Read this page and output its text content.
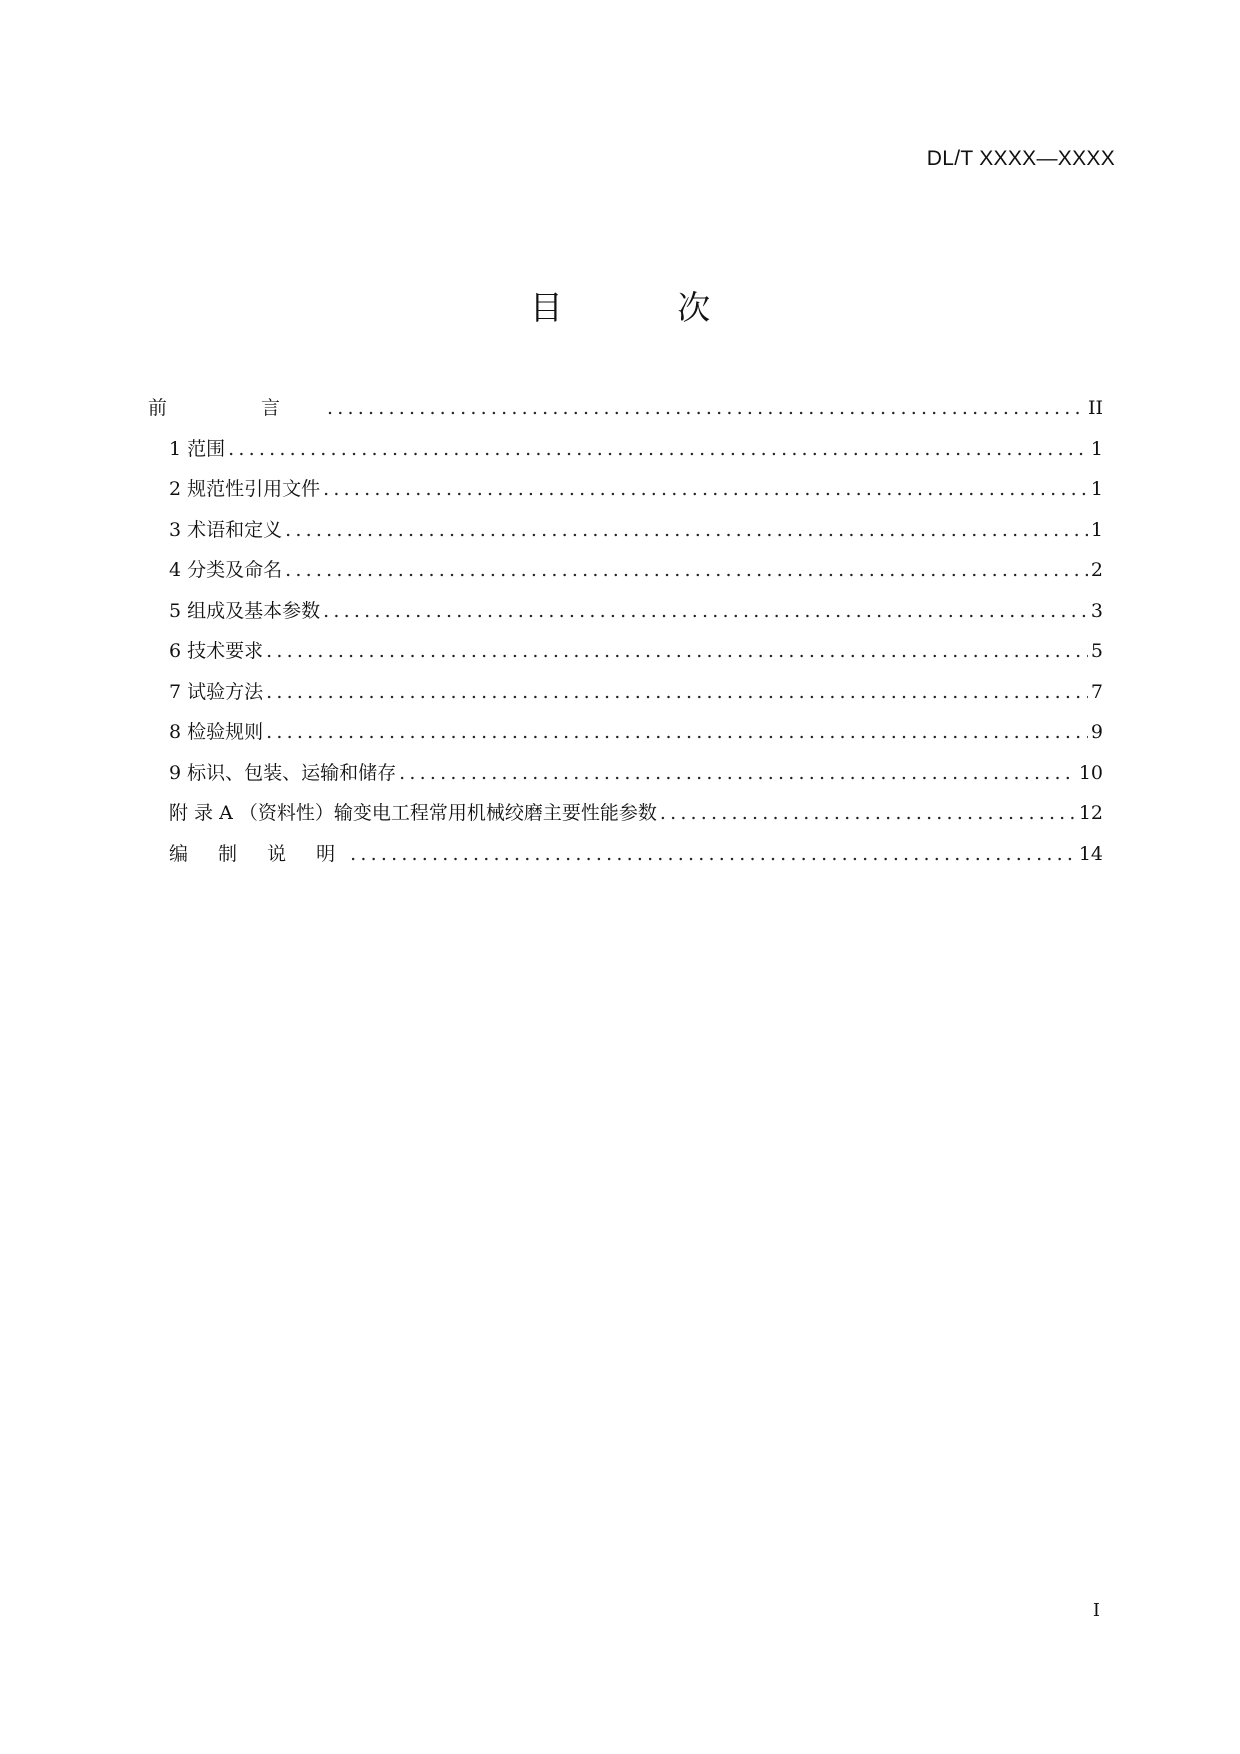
DL/T XXXX—XXXX
目 次
前 言 .....	II
1 范围 .....	1
2 规范性引用文件 .....	1
3 术语和定义 .....	1
4 分类及命名 .....	2
5 组成及基本参数 .....	3
6 技术要求 .....	5
7 试验方法 .....	7
8 检验规则 .....	9
9 标识、包装、运输和储存 .....	10
附 录 A （资料性）输变电工程常用机械绞磨主要性能参数 .....	12
编 制 说 明 .....	14
I
